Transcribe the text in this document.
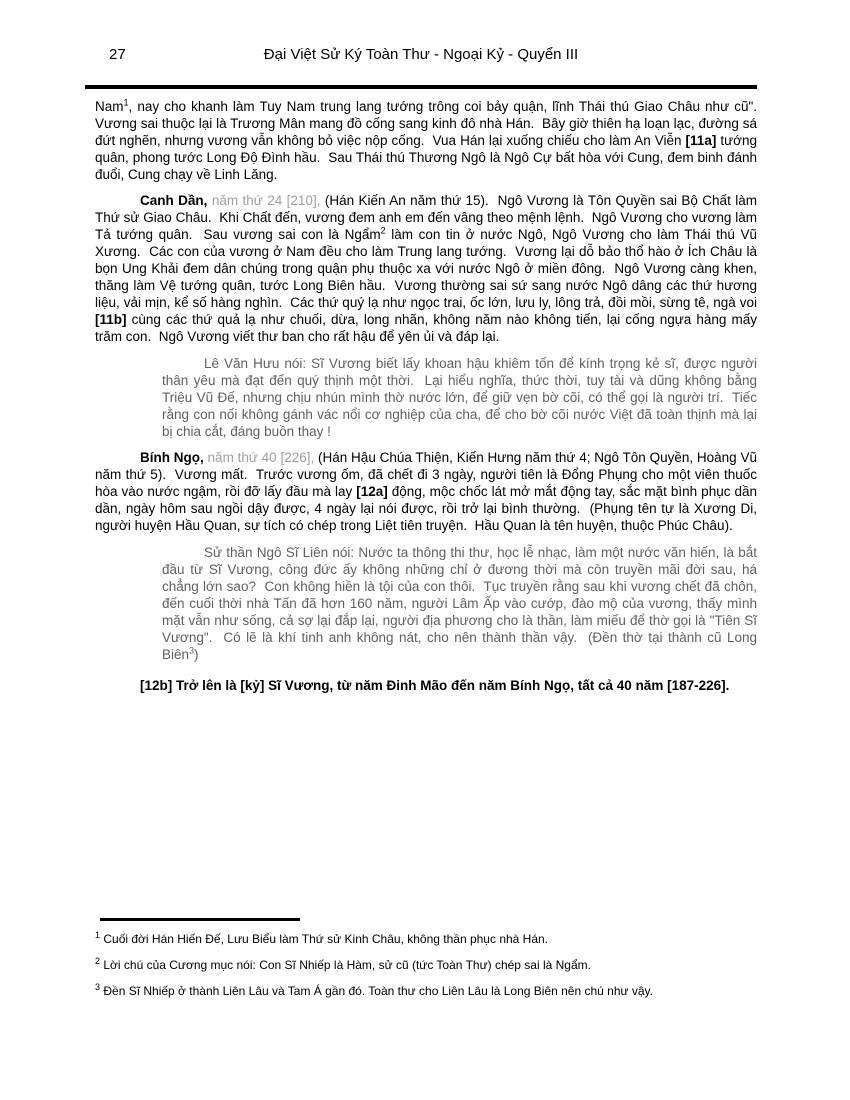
27	Đại Việt Sử Ký Toàn Thư - Ngoại Kỷ - Quyển III

Nam$^1$, nay cho khanh làm Tuy Nam trung lang tướng trông coi bảy quận, lĩnh Thái thú Giao Châu như cũ".  Vương sai thuộc lại là Trương Mân mang đồ cống sang kinh đô nhà Hán.  Bây giờ thiên hạ loạn lạc, đường sá đứt nghẽn, nhưng vương vẫn không bỏ việc nộp cống.  Vua Hán lại xuống chiếu cho làm An Viễn [11a] tướng quân, phong tước Long Độ Đình hầu.  Sau Thái thú Thương Ngô là Ngô Cự bất hòa với Cung, đem binh đánh đuổi, Cung chạy về Linh Lăng.

Canh Dần, năm thứ 24 [210], (Hán Kiến An năm thứ 15).  Ngô Vương là Tôn Quyền sai Bộ Chất làm Thứ sử Giao Châu.  Khi Chất đến, vương đem anh em đến vâng theo mệnh lệnh.  Ngô Vương cho vương làm Tả tướng quân.  Sau vương sai con là Ngẩm$^2$ làm con tin ở nước Ngô, Ngô Vương cho làm Thái thú Vũ Xương.  Các con của vương ở Nam đều cho làm Trung lang tướng.  Vương lại dỗ bảo thổ hào ở Ích Châu là bọn Ung Khải đem dân chúng trong quận phụ thuộc xa với nước Ngô ở miền đông.  Ngô Vương càng khen, thăng làm Vệ tướng quân, tước Long Biên hầu.  Vương thường sai sứ sang nước Ngô dâng các thứ hương liệu, vải mịn, kể số hàng nghìn.  Các thứ quý lạ như ngọc trai, ốc lớn, lưu ly, lông trả, đồi mồi, sừng tê, ngà voi [11b] cùng các thứ quả lạ như chuối, dừa, long nhãn, không năm nào không tiến, lại cống ngựa hàng mấy trăm con.  Ngô Vương viết thư ban cho rất hậu để yên ủi và đáp lại.

Lê Văn Hưu nói: Sĩ Vương biết lấy khoan hậu khiêm tốn để kính trọng kẻ sĩ, được người thân yêu mà đạt đến quý thịnh một thời.  Lại hiểu nghĩa, thức thời, tuy tài và dũng không bằng Triệu Vũ Đế, nhưng chịu nhún mình thờ nước lớn, để giữ vẹn bờ cõi, có thể gọi là người trí.  Tiếc rằng con nối không gánh vác nổi cơ nghiệp của cha, để cho bờ cõi nước Việt đã toàn thịnh mà lại bị chia cắt, đáng buồn thay !

Bính Ngọ, năm thứ 40 [226], (Hán Hậu Chúa Thiện, Kiến Hưng năm thứ 4; Ngô Tôn Quyền, Hoàng Vũ năm thứ 5).  Vương mất.  Trước vương ốm, đã chết đi 3 ngày, người tiên là Đổng Phụng cho một viên thuốc hòa vào nước ngậm, rồi đỡ lấy đầu mà lay [12a] động, mộc chốc lát mở mắt động tay, sắc mặt bình phục dần dần, ngày hôm sau ngồi dậy được, 4 ngày lại nói được, rồi trở lại bình thường.  (Phụng tên tự là Xương Di, người huyện Hầu Quan, sự tích có chép trong Liệt tiên truyện.  Hầu Quan là tên huyện, thuộc Phúc Châu).

Sử thần Ngô Sĩ Liên nói: Nước ta thông thi thư, học lễ nhạc, làm một nước văn hiến, là bắt đầu từ Sĩ Vương, công đức ấy không những chỉ ở đương thời mà còn truyền mãi đời sau, há chẳng lớn sao?  Con không hiền là tội của con thôi.  Tục truyền rằng sau khi vương chết đã chôn, đến cuối thời nhà Tấn đã hơn 160 năm, người Lâm Ấp vào cướp, đào mộ của vương, thấy mình mặt vẫn như sống, cả sợ lại đắp lại, người địa phương cho là thần, làm miếu để thờ gọi là "Tiên Sĩ Vương".  Có lẽ là khí tinh anh không nát, cho nên thành thần vậy.  (Đền thờ tại thành cũ Long Biên$^3$)

[12b] Trở lên là [kỷ] Sĩ Vương, từ năm Đinh Mão đến năm Bính Ngọ, tất cả 40 năm [187-226].

$^1$ Cuối đời Hán Hiến Đế, Lưu Biểu làm Thứ sử Kinh Châu, không thần phục nhà Hán.

$^2$ Lời chú của Cương mục nói: Con Sĩ Nhiếp là Hàm, sử cũ (tức Toàn Thư) chép sai là Ngẩm.

$^3$ Đền Sĩ Nhiếp ở thành Liên Lâu và Tam Á gần đó. Toàn thư cho Liên Lâu là Long Biên nên chú như vậy.
